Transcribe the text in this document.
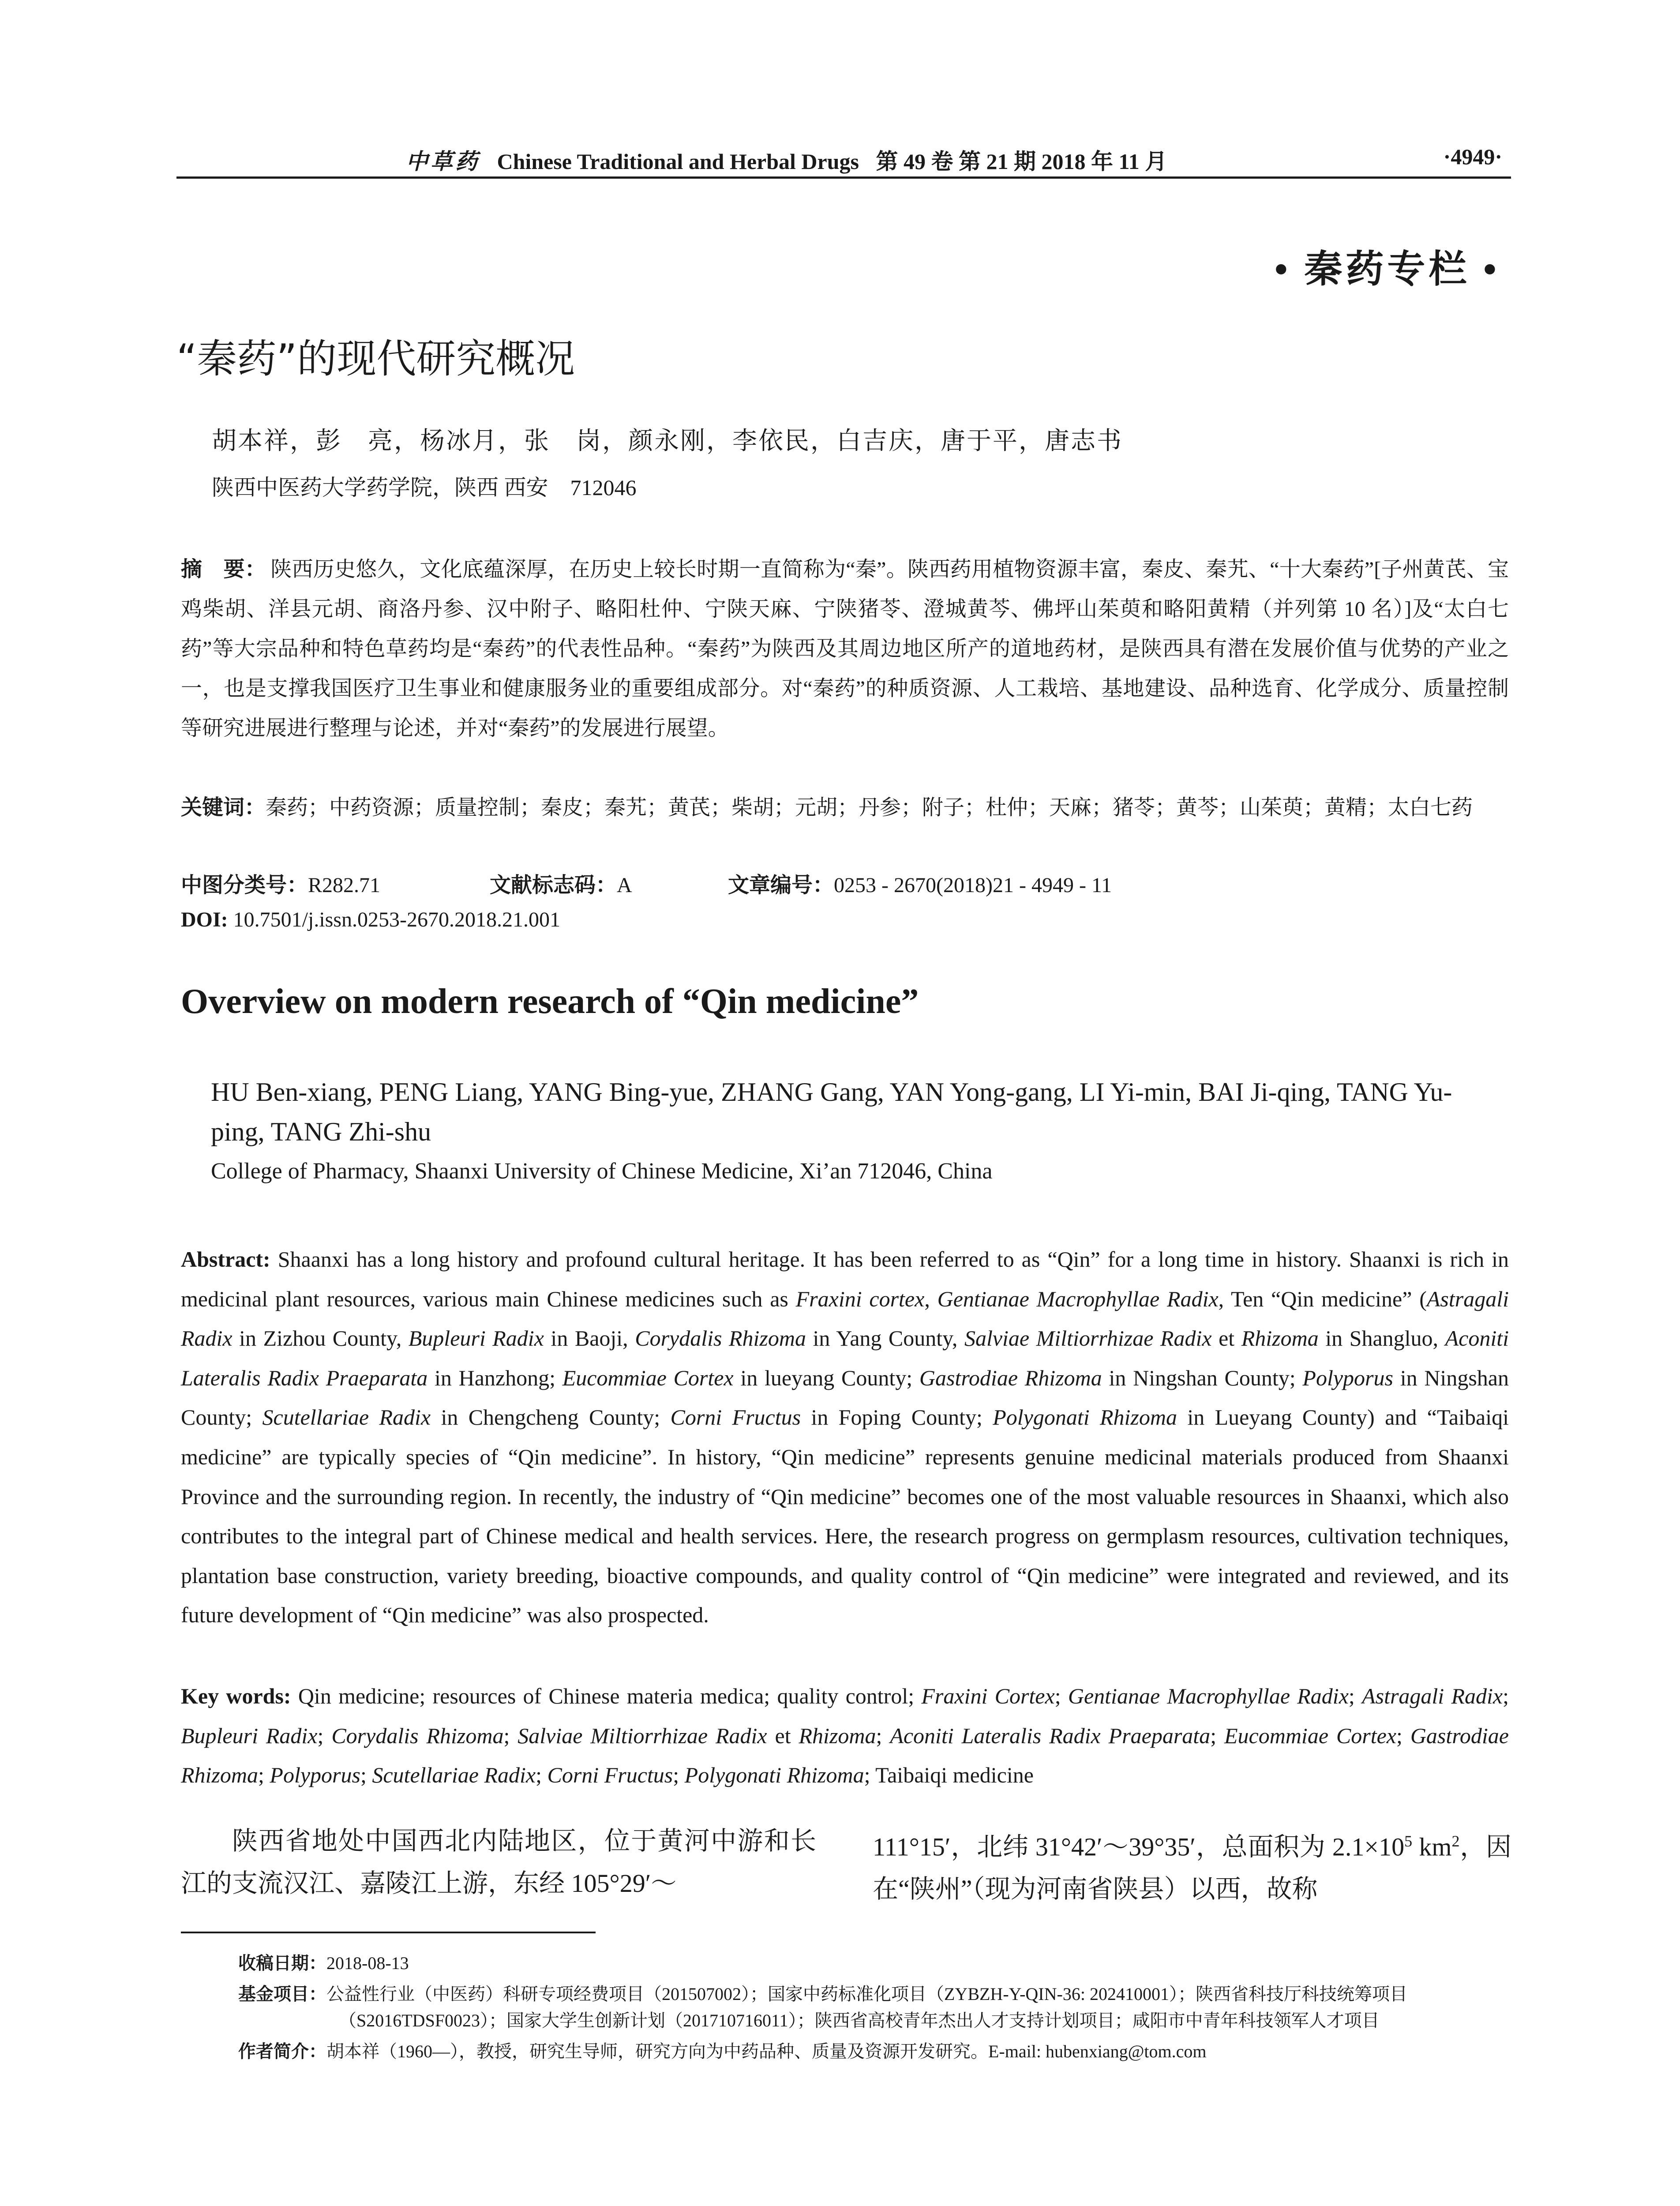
中草药 Chinese Traditional and Herbal Drugs 第 49 卷 第 21 期 2018 年 11 月	·4949·
• 秦药专栏 •
“秦药”的现代研究概况
胡本祥，彭　亮，杨冰月，张　岗，颜永刚，李依民，白吉庆，唐于平，唐志书
陕西中医药大学药学院，陕西 西安　712046
摘　要： 陕西历史悠久，文化底蕴深厚，在历史上较长时期一直简称为“秦”。陕西药用植物资源丰富，秦皮、秦艽、“十大秦药”[子州黄芪、宝鸡柴胡、洋县元胡、商洛丹参、汉中附子、略阳杜仲、宁陕天麻、宁陕猪苓、澄城黄芩、佛坪山茱萸和略阳黄精（并列第 10 名）]及“太白七药”等大宗品种和特色草药均是“秦药”的代表性品种。“秦药”为陕西及其周边地区所产的道地药材，是陕西具有潜在发展价值与优势的产业之一，也是支撑我国医疗卫生事业和健康服务业的重要组成部分。对“秦药”的种质资源、人工栽培、基地建设、品种选育、化学成分、质量控制等研究进展进行整理与论述，并对“秦药”的发展进行展望。
关键词：秦药；中药资源；质量控制；秦皮；秦艽；黄芪；柴胡；元胡；丹参；附子；杜仲；天麻；猪苓；黄芩；山茱萸；黄精；太白七药
中图分类号：R282.71	文献标志码：A	文章编号：0253 - 2670(2018)21 - 4949 - 11
DOI: 10.7501/j.issn.0253-2670.2018.21.001
Overview on modern research of “Qin medicine”
HU Ben-xiang, PENG Liang, YANG Bing-yue, ZHANG Gang, YAN Yong-gang, LI Yi-min, BAI Ji-qing, TANG Yu-ping, TANG Zhi-shu
College of Pharmacy, Shaanxi University of Chinese Medicine, Xi’an 712046, China
Abstract: Shaanxi has a long history and profound cultural heritage. It has been referred to as “Qin” for a long time in history. Shaanxi is rich in medicinal plant resources, various main Chinese medicines such as Fraxini cortex, Gentianae Macrophyllae Radix, Ten “Qin medicine” (Astragali Radix in Zizhou County, Bupleuri Radix in Baoji, Corydalis Rhizoma in Yang County, Salviae Miltiorrhizae Radix et Rhizoma in Shangluo, Aconiti Lateralis Radix Praeparata in Hanzhong; Eucommiae Cortex in lueyang County; Gastrodiae Rhizoma in Ningshan County; Polyporus in Ningshan County; Scutellariae Radix in Chengcheng County; Corni Fructus in Foping County; Polygonati Rhizoma in Lueyang County) and “Taibaiqi medicine” are typically species of “Qin medicine”. In history, “Qin medicine” represents genuine medicinal materials produced from Shaanxi Province and the surrounding region. In recently, the industry of “Qin medicine” becomes one of the most valuable resources in Shaanxi, which also contributes to the integral part of Chinese medical and health services. Here, the research progress on germplasm resources, cultivation techniques, plantation base construction, variety breeding, bioactive compounds, and quality control of “Qin medicine” were integrated and reviewed, and its future development of “Qin medicine” was also prospected.
Key words: Qin medicine; resources of Chinese materia medica; quality control; Fraxini Cortex; Gentianae Macrophyllae Radix; Astragali Radix; Bupleuri Radix; Corydalis Rhizoma; Salviae Miltiorrhizae Radix et Rhizoma; Aconiti Lateralis Radix Praeparata; Eucommiae Cortex; Gastrodiae Rhizoma; Polyporus; Scutellariae Radix; Corni Fructus; Polygonati Rhizoma; Taibaiqi medicine
陕西省地处中国西北内陆地区，位于黄河中游和长江的支流汉江、嘉陵江上游，东经 105°29′～
111°15′，北纬 31°42′～39°35′，总面积为 $2.1\times 10^5$ $km^2$，因在“陕州”（现为河南省陕县）以西，故称
收稿日期：2018-08-13
基金项目：公益性行业（中医药）科研专项经费项目（201507002）；国家中药标准化项目（ZYBZH-Y-QIN-36: 202410001）；陕西省科技厅科技统筹项目（S2016TDSF0023）；国家大学生创新计划（201710716011）；陕西省高校青年杰出人才支持计划项目；咸阳市中青年科技领军人才项目
作者简介：胡本祥（1960—），教授，研究生导师，研究方向为中药品种、质量及资源开发研究。E-mail: hubenxiang@tom.com
